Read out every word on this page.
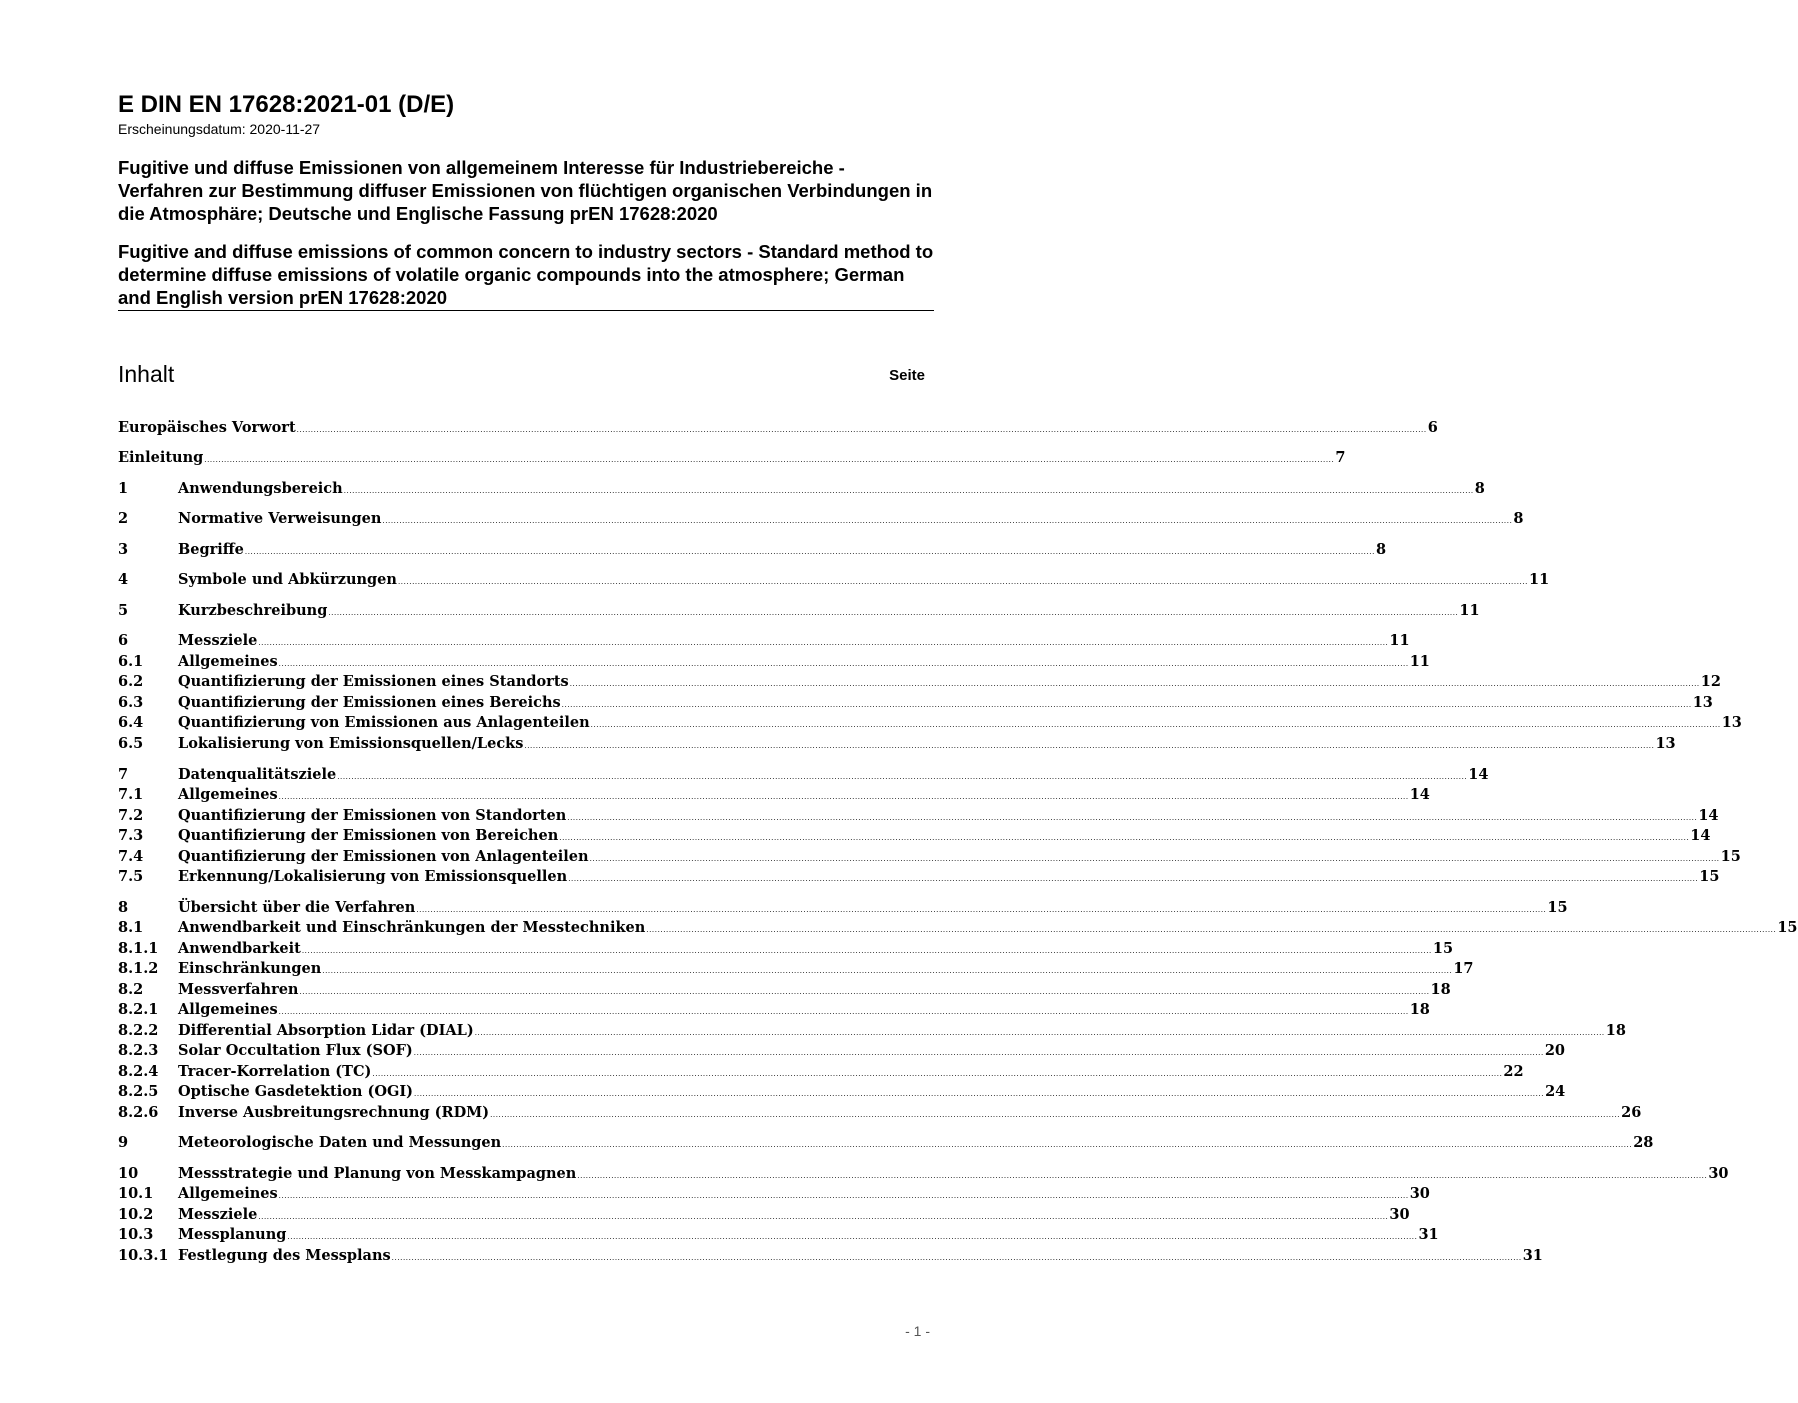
E DIN EN 17628:2021-01 (D/E)

Erscheinungsdatum: 2020-11-27

Fugitive und diffuse Emissionen von allgemeinem Interesse für Industriebereiche - Verfahren zur Bestimmung diffuser Emissionen von flüchtigen organischen Verbindungen in die Atmosphäre; Deutsche und Englische Fassung prEN 17628:2020

Fugitive and diffuse emissions of common concern to industry sectors - Standard method to determine diffuse emissions of volatile organic compounds into the atmosphere; German and English version prEN 17628:2020

Inhalt	Seite
Europäisches Vorwort ................................................................................................................................................................................................................................................................................................................................................................................................................ 6
Einleitung ................................................................................................................................................................................................................................................................................................................................................................................................................ 7
1	Anwendungsbereich ................................................................................................................................................................................................................................................................................................................................................................................................................ 8
2	Normative Verweisungen ................................................................................................................................................................................................................................................................................................................................................................................................................ 8
3	Begriffe ................................................................................................................................................................................................................................................................................................................................................................................................................ 8
4	Symbole und Abkürzungen ................................................................................................................................................................................................................................................................................................................................................................................................................ 11
5	Kurzbeschreibung ................................................................................................................................................................................................................................................................................................................................................................................................................ 11
6	Messziele ................................................................................................................................................................................................................................................................................................................................................................................................................ 11
6.1 Allgemeines ................................................................................................................................................................................................................................................................................................................................................................................................................ 11
6.2 Quantifizierung der Emissionen eines Standorts ................................................................................................................................................................................................................................................................................................................................................................................................................ 12
6.3 Quantifizierung der Emissionen eines Bereichs ................................................................................................................................................................................................................................................................................................................................................................................................................ 13
6.4 Quantifizierung von Emissionen aus Anlagenteilen ................................................................................................................................................................................................................................................................................................................................................................................................................ 13
6.5 Lokalisierung von Emissionsquellen/Lecks ................................................................................................................................................................................................................................................................................................................................................................................................................ 13
7	Datenqualitätsziele ................................................................................................................................................................................................................................................................................................................................................................................................................ 14
7.1 Allgemeines ................................................................................................................................................................................................................................................................................................................................................................................................................ 14
7.2 Quantifizierung der Emissionen von Standorten ................................................................................................................................................................................................................................................................................................................................................................................................................ 14
7.3 Quantifizierung der Emissionen von Bereichen ................................................................................................................................................................................................................................................................................................................................................................................................................ 14
7.4 Quantifizierung der Emissionen von Anlagenteilen ................................................................................................................................................................................................................................................................................................................................................................................................................ 15
7.5 Erkennung/Lokalisierung von Emissionsquellen ................................................................................................................................................................................................................................................................................................................................................................................................................ 15
8	Übersicht über die Verfahren ................................................................................................................................................................................................................................................................................................................................................................................................................ 15
8.1 Anwendbarkeit und Einschränkungen der Messtechniken ................................................................................................................................................................................................................................................................................................................................................................................................................ 15
8.1.1 Anwendbarkeit ................................................................................................................................................................................................................................................................................................................................................................................................................ 15
8.1.2 Einschränkungen ................................................................................................................................................................................................................................................................................................................................................................................................................ 17
8.2 Messverfahren ................................................................................................................................................................................................................................................................................................................................................................................................................ 18
8.2.1 Allgemeines ................................................................................................................................................................................................................................................................................................................................................................................................................ 18
8.2.2 Differential Absorption Lidar (DIAL) ................................................................................................................................................................................................................................................................................................................................................................................................................ 18
8.2.3 Solar Occultation Flux (SOF) ................................................................................................................................................................................................................................................................................................................................................................................................................ 20
8.2.4 Tracer-Korrelation (TC) ................................................................................................................................................................................................................................................................................................................................................................................................................ 22
8.2.5 Optische Gasdetektion (OGI) ................................................................................................................................................................................................................................................................................................................................................................................................................ 24
8.2.6 Inverse Ausbreitungsrechnung (RDM) ................................................................................................................................................................................................................................................................................................................................................................................................................ 26
9	Meteorologische Daten und Messungen ................................................................................................................................................................................................................................................................................................................................................................................................................ 28
10	Messstrategie und Planung von Messkampagnen ................................................................................................................................................................................................................................................................................................................................................................................................................ 30
10.1 Allgemeines ................................................................................................................................................................................................................................................................................................................................................................................................................ 30
10.2 Messziele ................................................................................................................................................................................................................................................................................................................................................................................................................ 30
10.3 Messplanung ................................................................................................................................................................................................................................................................................................................................................................................................................ 31
10.3.1 Festlegung des Messplans ................................................................................................................................................................................................................................................................................................................................................................................................................ 31
- 1 -
